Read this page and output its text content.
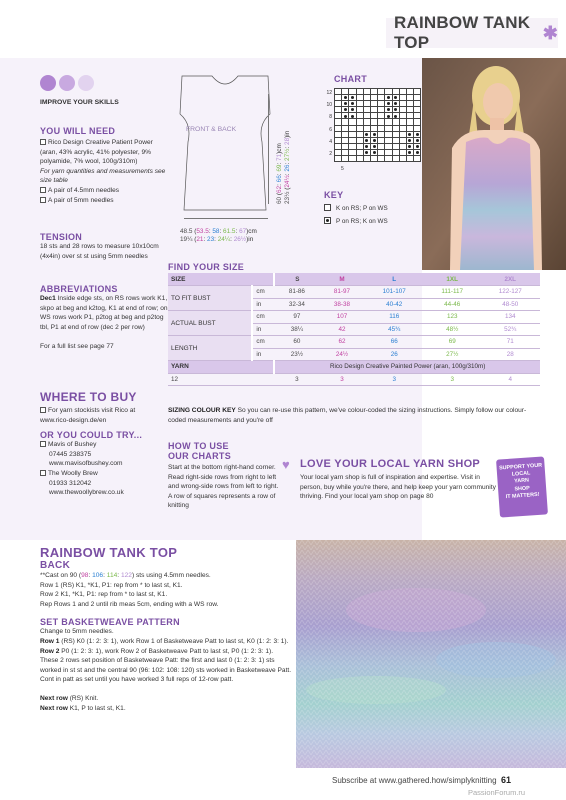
RAINBOW TANK TOP	✱
IMPROVE YOUR SKILLS
YOU WILL NEED
Rico Design Creative Patient Power (aran, 43% acrylic, 41% polyester, 9% polyamide, 7% wool, 100g/310m)
For yarn quantities and measurements see size table
A pair of 4.5mm needles
A pair of 5mm needles
TENSION
18 sts and 28 rows to measure 10x10cm (4x4in) over st st using 5mm needles
ABBREVIATIONS
Dec1 Inside edge sts, on RS rows work K1, skpo at beg and k2tog, K1 at end of row; on WS rows work P1, p2tog at beg and p2tog tbl, P1 at end of row (dec 2 per row)
For a full list see page 77
FRONT & BACK
60 (62: 66: 69: 71)cm
23½ (24½: 26: 27½: 28)in
48.5 (53.5: 58: 61.5: 67)cm
19¼ (21: 23: 24¼: 26½)in
CHART
12
10
8
6
4
2
5
KEY
K on RS; P on WS
P on RS; K on WS
FIND YOUR SIZE
SIZE		S	M	L	1XL	2XL
TO FIT BUST	cm	81-86	81-97	101-107	111-117	122-127
	in	32-34	38-38	40-42	44-46	48-50
ACTUAL BUST	cm	97	107	116	123	134
	in	38¼	42	45¾	48½	52¾
LENGTH	cm	60	62	66	69	71
	in	23½	24½	26	27½	28
YARN		Rico Design Creative Painted Power (aran, 100g/310m)				
12		3	3	3	3	4
SIZING COLOUR KEY So you can re-use this pattern, we've colour-coded the sizing instructions. Simply follow our colour-coded measurements and you're off
WHERE TO BUY
For yarn stockists visit Rico at www.rico-design.de/en
OR YOU COULD TRY...
Mavis of Bushey
07445 238375
www.mavisofbushey.com
The Woolly Brew
01933 312042
www.thewoollybrew.co.uk
HOW TO USE
OUR CHARTS
Start at the bottom right-hand corner. Read right-side rows from right to left and wrong-side rows from left to right. A row of squares represents a row of knitting
♥ LOVE YOUR LOCAL YARN SHOP
Your local yarn shop is full of inspiration and expertise. Visit in person, buy while you're there, and help keep your yarn community thriving. Find your local yarn shop on page 80
SUPPORT YOUR
LOCAL
YARN
SHOP
IT MATTERS!
RAINBOW TANK TOP
BACK
**Cast on 90 (98: 106: 114: 122) sts using 4.5mm needles.
Row 1 (RS) K1, *K1, P1: rep from * to last st, K1.
Row 2 K1, *K1, P1: rep from * to last st, K1.
Rep Rows 1 and 2 until rib meas 5cm, ending with a WS row.
SET BASKETWEAVE PATTERN
Change to 5mm needles.
Row 1 (RS) K0 (1: 2: 3: 1), work Row 1 of Basketweave Patt to last st, K0 (1: 2: 3: 1).
Row 2 P0 (1: 2: 3: 1), work Row 2 of Basketweave Patt to last st, P0 (1: 2: 3: 1).
These 2 rows set position of Basketweave Patt: the first and last 0 (1: 2: 3: 1) sts worked in st st and the central 90 (96: 102: 108: 120) sts worked in Basketweave Patt. Cont in patt as set until you have worked 3 full reps of 12-row patt.
Next row (RS) Knit.
Next row K1, P to last st, K1.
Subscribe at www.gathered.how/simplyknitting 61
PassionForum.ru
